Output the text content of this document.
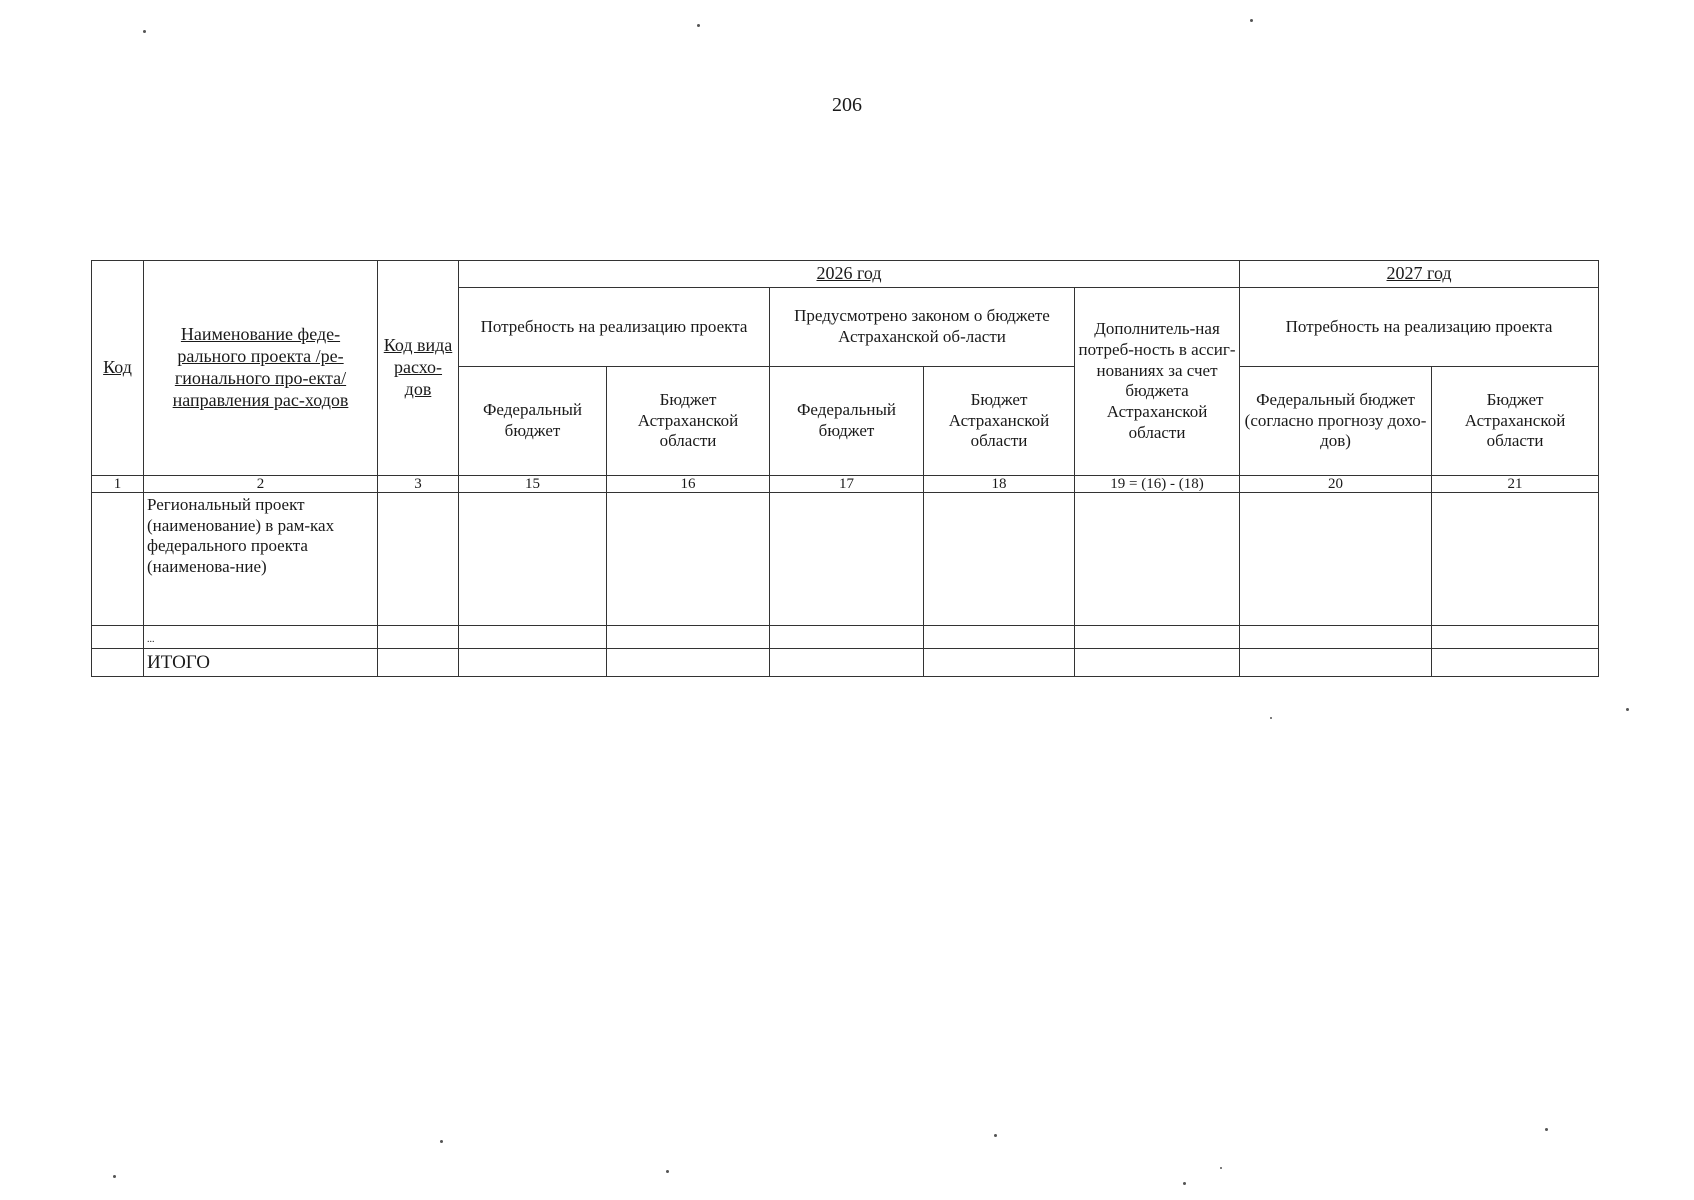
206
Код	Наименование феде-рального проекта /ре-гионального про-екта/направления рас-ходов	Код вида расхо-дов	2026 год					2027 год	
			Потребность на реализацию проекта		Предусмотрено законом о бюджете Астраханской об-ласти		Дополнитель-ная потреб-ность в ассиг-нованиях за счет бюджета Астраханской области	Потребность на реализацию проекта	
			Федеральный бюджет	Бюджет Астраханской области	Федеральный бюджет	Бюджет Астраханской области		Федеральный бюджет (согласно прогнозу дохо-дов)	Бюджет Астраханской области
1	2	3	15	16	17	18	19 = (16) - (18)	20	21
	Региональный проект (наименование) в рам-ках федерального проекта (наименова-ние)								
	...								
	ИТОГО								
